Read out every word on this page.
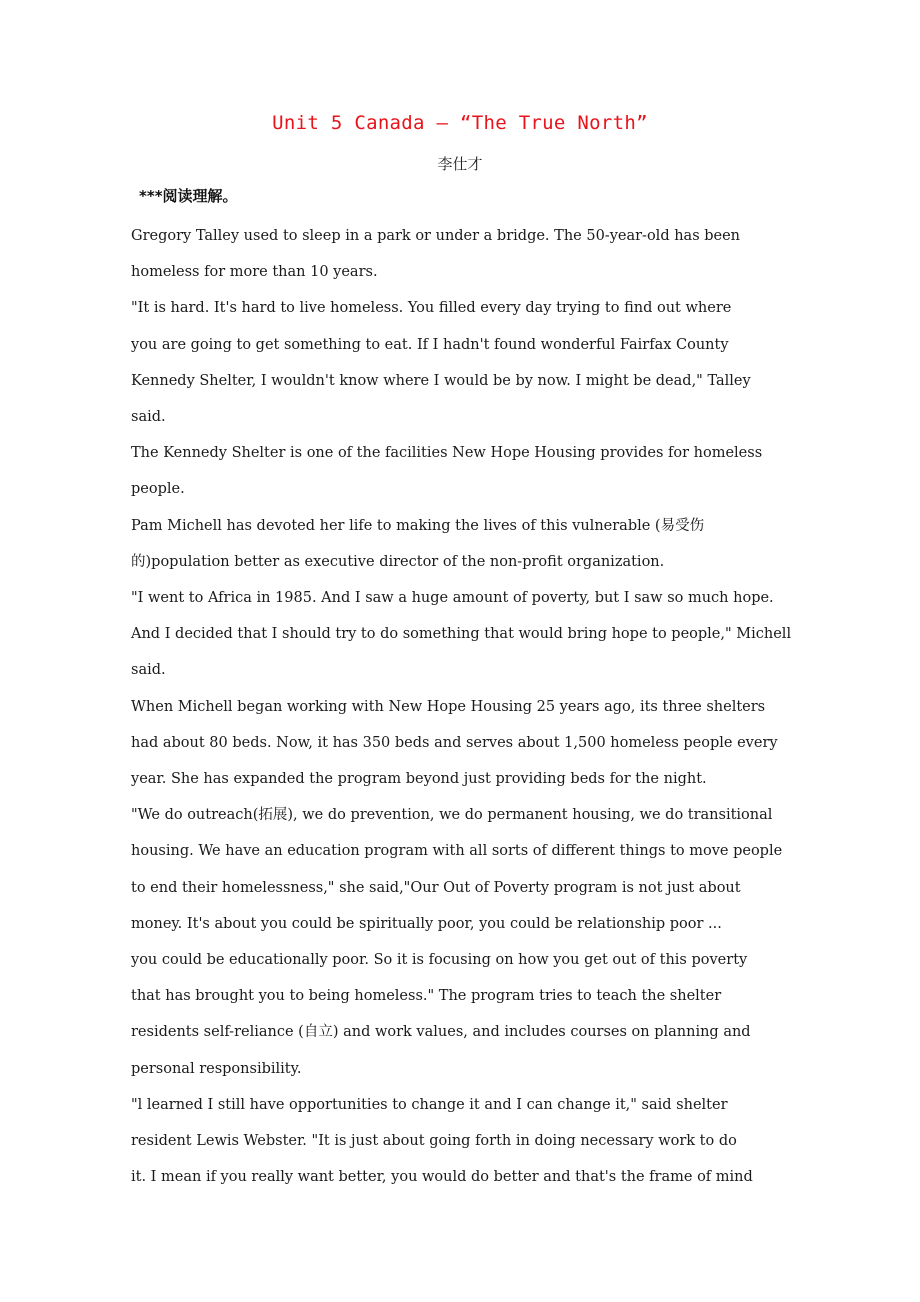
Unit 5 Canada – “The True North”
李仕才
***阅读理解。
Gregory Talley used to sleep in a park or under a bridge. The 50-year-old has been
homeless for more than 10 years.
"It is hard. It's hard to live homeless. You filled every day trying to find out where
you are going to get something to eat. If I hadn't found wonderful Fairfax County
Kennedy Shelter, I wouldn't know where I would be by now. I might be dead," Talley
said.
The Kennedy Shelter is one of the facilities New Hope Housing provides for homeless
people.
Pam Michell has devoted her life to making the lives of this vulnerable (易受伤
的)population better as executive director of the non-profit organization.
"I went to Africa in 1985. And I saw a huge amount of poverty, but I saw so much hope.
And I decided that I should try to do something that would bring hope to people," Michell
said.
When Michell began working with New Hope Housing 25 years ago, its three shelters
had about 80 beds. Now, it has 350 beds and serves about 1,500 homeless people every
year. She has expanded the program beyond just providing beds for the night.
"We do outreach(拓展), we do prevention, we do permanent housing, we do transitional
housing. We have an education program with all sorts of different things to move people
to end their homelessness," she said,"Our Out of Poverty program is not just about
money. It's about you could be spiritually poor, you could be relationship poor ...
you could be educationally poor. So it is focusing on how you get out of this poverty
that has brought you to being homeless." The program tries to teach the shelter
residents self-reliance (自立) and work values, and includes courses on planning and
personal responsibility.
"l learned I still have opportunities to change it and I can change it," said shelter
resident Lewis Webster. "It is just about going forth in doing necessary work to do
it. I mean if you really want better, you would do better and that's the frame of mind
